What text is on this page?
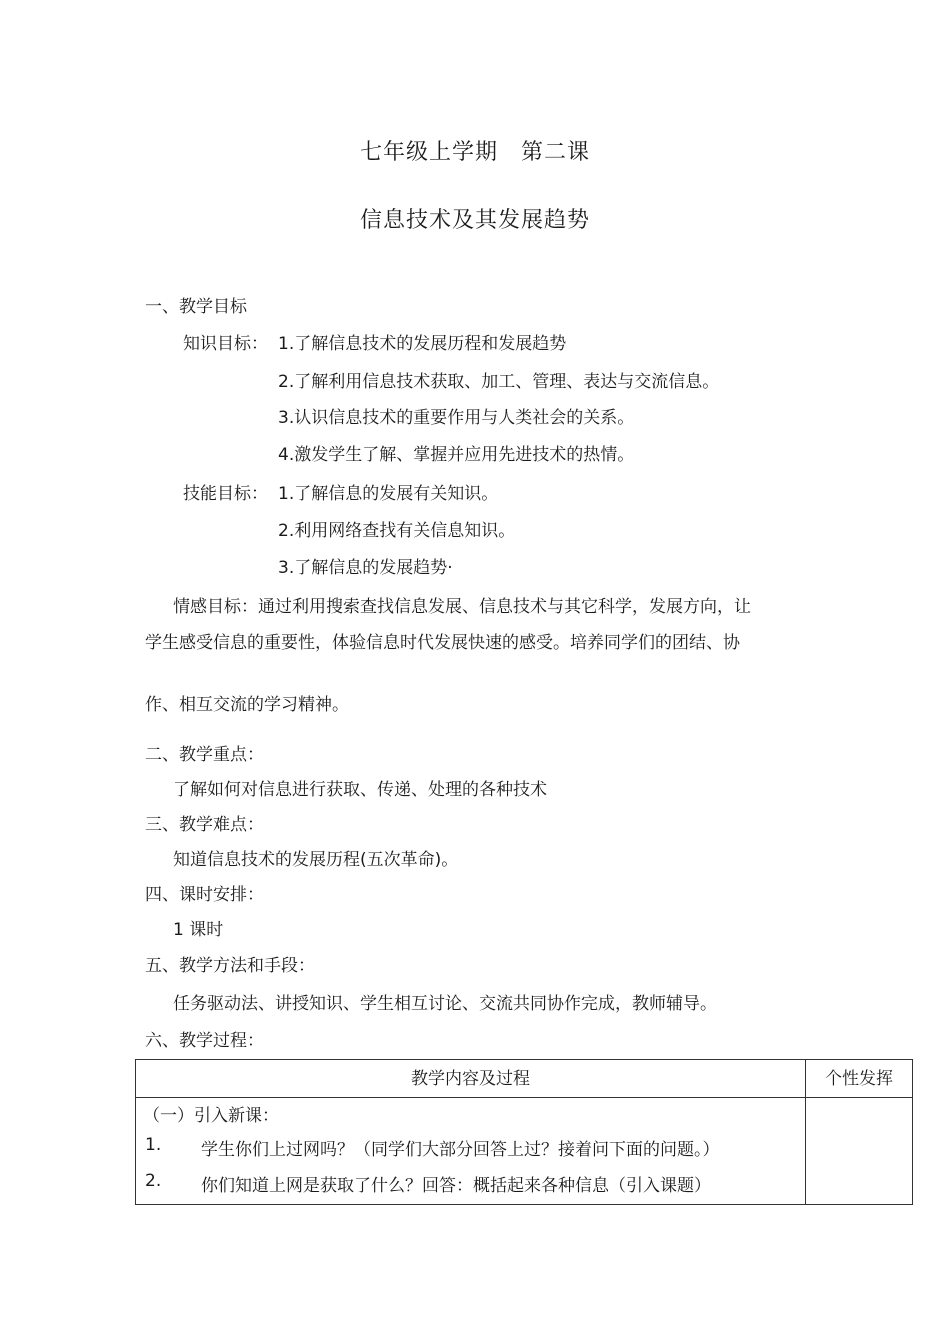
七年级上学期　第二课
信息技术及其发展趋势
一、教学目标
知识目标： 1.了解信息技术的发展历程和发展趋势
2.了解利用信息技术获取、加工、管理、表达与交流信息。
3.认识信息技术的重要作用与人类社会的关系。
4.激发学生了解、掌握并应用先进技术的热情。
技能目标： 1.了解信息的发展有关知识。
2.利用网络查找有关信息知识。
3.了解信息的发展趋势·
情感目标：通过利用搜索查找信息发展、信息技术与其它科学，发展方向，让
学生感受信息的重要性，体验信息时代发展快速的感受。培养同学们的团结、协
作、相互交流的学习精神。
二、教学重点：
了解如何对信息进行获取、传递、处理的各种技术
三、教学难点：
知道信息技术的发展历程(五次革命)。
四、课时安排：
1 课时
五、教学方法和手段：
任务驱动法、讲授知识、学生相互讨论、交流共同协作完成，教师辅导。
六、教学过程：
教学内容及过程	个性发挥
（一）引入新课：
1. 学生你们上过网吗？（同学们大部分回答上过？接着问下面的问题。）
2. 你们知道上网是获取了什么？回答：概括起来各种信息（引入课题）
